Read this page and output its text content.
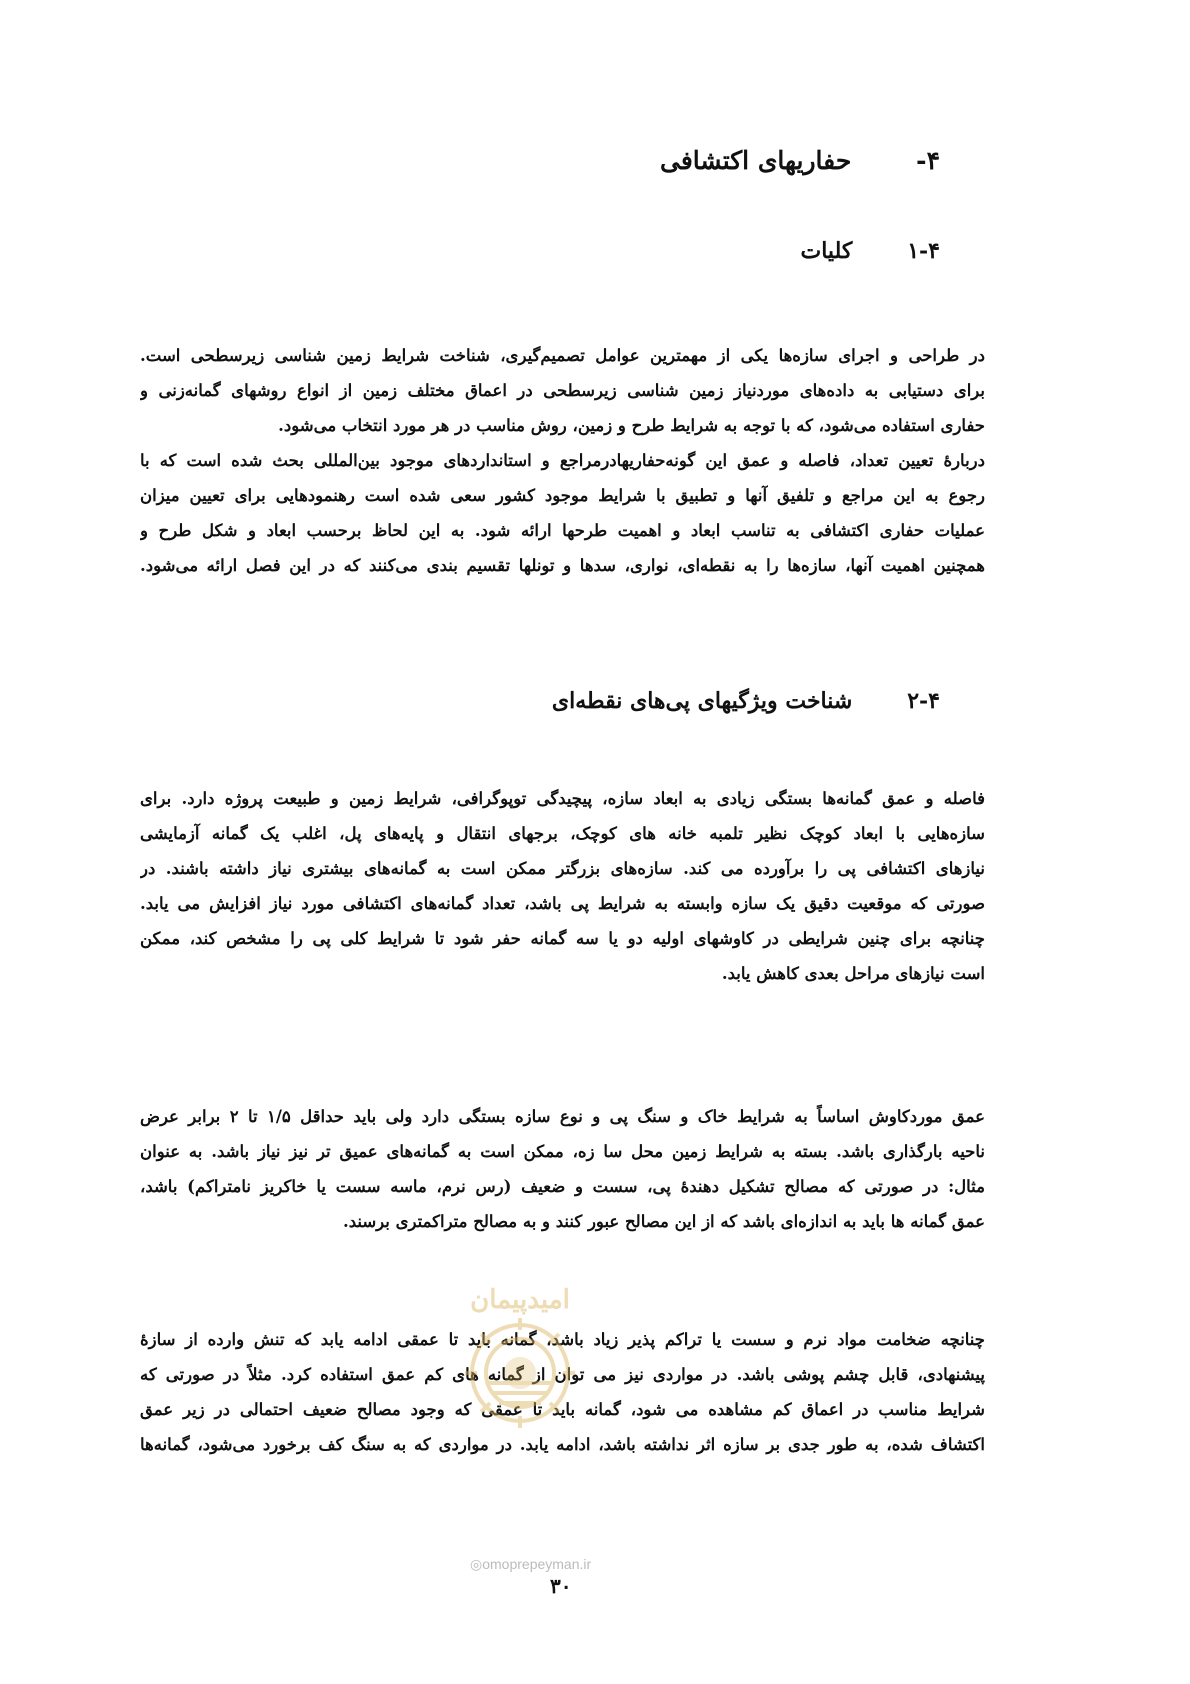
۴- حفاریهای اکتشافی
۱-۴ کلیات
در طراحی و اجرای سازه‌ها یکی از مهمترین عوامل تصمیم‌گیری، شناخت شرایط زمین شناسی زیرسطحی است.
برای دستیابی به داده‌های موردنیاز زمین شناسی زیرسطحی در اعماق مختلف زمین از انواع روشهای گمانه‌زنی و
حفاری استفاده می‌شود، که با توجه به شرایط طرح و زمین، روش مناسب در هر مورد انتخاب می‌شود.
دربارهٔ تعیین تعداد، فاصله و عمق این گونه‌حفاریهادرمراجع و استانداردهای موجود بین‌المللی بحث شده است که با
رجوع به این مراجع و تلفیق آنها و تطبیق با شرایط موجود کشور سعی شده است رهنمودهایی برای تعیین میزان
عملیات حفاری اکتشافی به تناسب ابعاد و اهمیت طرحها ارائه شود. به این لحاظ برحسب ابعاد و شکل طرح و
همچنین اهمیت آنها، سازه‌ها را به نقطه‌ای، نواری، سدها و تونلها تقسیم بندی می‌کنند که در این فصل ارائه می‌شود.
۲-۴ شناخت ویژگیهای پی‌های نقطه‌ای
فاصله و عمق گمانه‌ها بستگی زیادی به ابعاد سازه، پیچیدگی توپوگرافی، شرایط زمین و طبیعت پروژه دارد. برای
سازه‌هایی با ابعاد کوچک نظیر تلمبه خانه های کوچک، برجهای انتقال و پایه‌های پل، اغلب یک گمانه آزمایشی
نیازهای اکتشافی پی را برآورده می کند. سازه‌های بزرگتر ممکن است به گمانه‌های بیشتری نیاز داشته باشند. در
صورتی که موقعیت دقیق یک سازه وابسته به شرایط پی باشد، تعداد گمانه‌های اکتشافی مورد نیاز افزایش می یابد.
چنانچه برای چنین شرایطی در کاوشهای اولیه دو یا سه گمانه حفر شود تا شرایط کلی پی را مشخص کند، ممکن
است نیازهای مراحل بعدی کاهش یابد.
عمق موردکاوش اساساً به شرایط خاک و سنگ پی و نوع سازه بستگی دارد ولی باید حداقل ۱/۵ تا ۲ برابر عرض
ناحیه بارگذاری باشد. بسته به شرایط زمین محل سا زه، ممکن است به گمانه‌های عمیق تر نیز نیاز باشد. به عنوان
مثال: در صورتی که مصالح تشکیل دهندهٔ پی، سست و ضعیف (رس نرم، ماسه سست یا خاکریز نامتراکم) باشد،
عمق گمانه ها باید به اندازه‌ای باشد که از این مصالح عبور کنند و به مصالح متراکمتری برسند.
چنانچه ضخامت مواد نرم و سست یا تراکم پذیر زیاد باشد، گمانه باید تا عمقی ادامه یابد که تنش وارده از سازهٔ
پیشنهادی، قابل چشم پوشی باشد. در مواردی نیز می توان از گمانه های کم عمق استفاده کرد. مثلاً در صورتی که
شرایط مناسب در اعماق کم مشاهده می شود، گمانه باید تا عمقی که وجود مصالح ضعیف احتمالی در زیر عمق
اکتشاف شده، به طور جدی بر سازه اثر نداشته باشد، ادامه یابد. در مواردی که به سنگ کف برخورد می‌شود، گمانه‌ها
امیدپیمان
◎omoprepeyman.ir
۳۰
